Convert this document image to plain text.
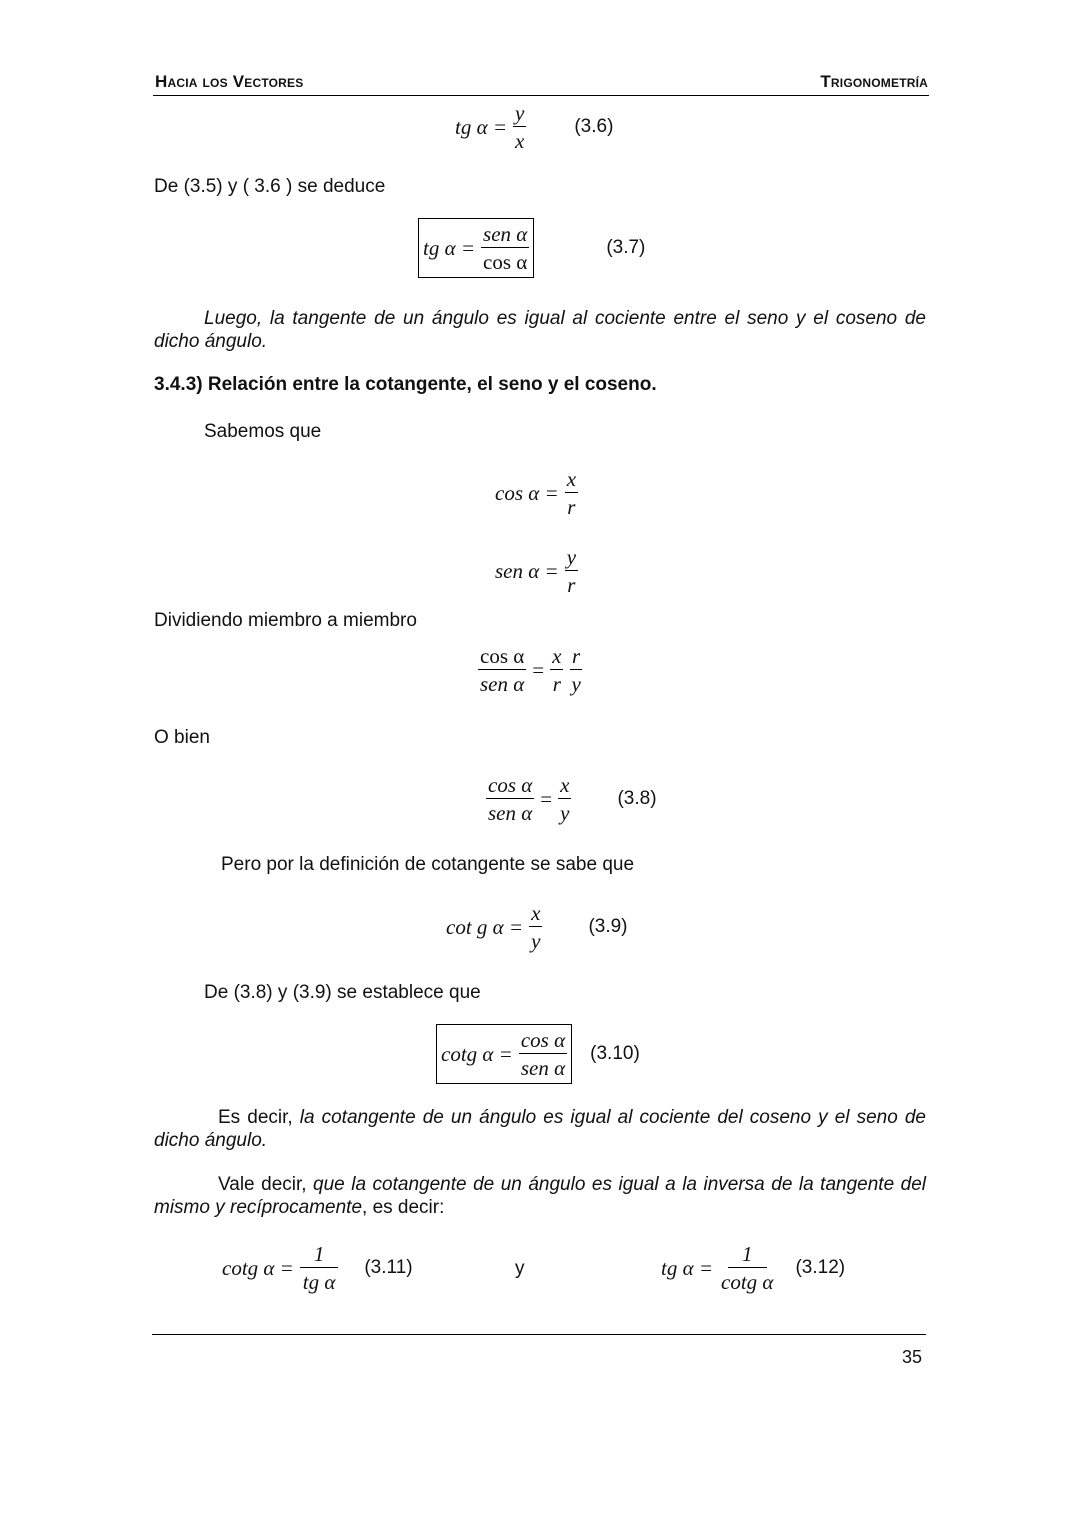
Hacia los Vectores	Trigonometría
tg $\alpha = \frac{y}{x}$	(3.6)
De (3.5) y ( 3.6 ) se deduce
tg $\alpha = \frac{\text{sen α}}{\text{cos α}}$	(3.7)
Luego, la tangente de un ángulo es igual al cociente entre el seno y el coseno de dicho ángulo.
3.4.3) Relación entre la cotangente, el seno y el coseno.
Sabemos que
$\cos \alpha = \frac{x}{r}$
sen $\alpha = \frac{y}{r}$
Dividiendo miembro a miembro
$\frac{\text{cos α}}{\text{sen α}} = \frac{x}{r} \frac{r}{y}$
O bien
$\frac{\text{cos α}}{\text{sen α}} = \frac{x}{y} (3.8)$
Pero por la definición de cotangente se sabe que
cot g $\alpha = \frac{x}{y} (3.9)$
De (3.8) y (3.9) se establece que
cotg $\alpha = \frac{\text{cos α}}{\text{sen α}} (3.10)$
Es decir, la cotangente de un ángulo es igual al cociente del coseno y el seno de dicho ángulo.
Vale decir, que la cotangente de un ángulo es igual a la inversa de la tangente del mismo y recíprocamente, es decir:
cotg $\alpha = \frac{1}{\text{tg α}} (3.11)$	y	tg $\alpha = \frac{1}{\text{cotg α}} (3.12)$
35
